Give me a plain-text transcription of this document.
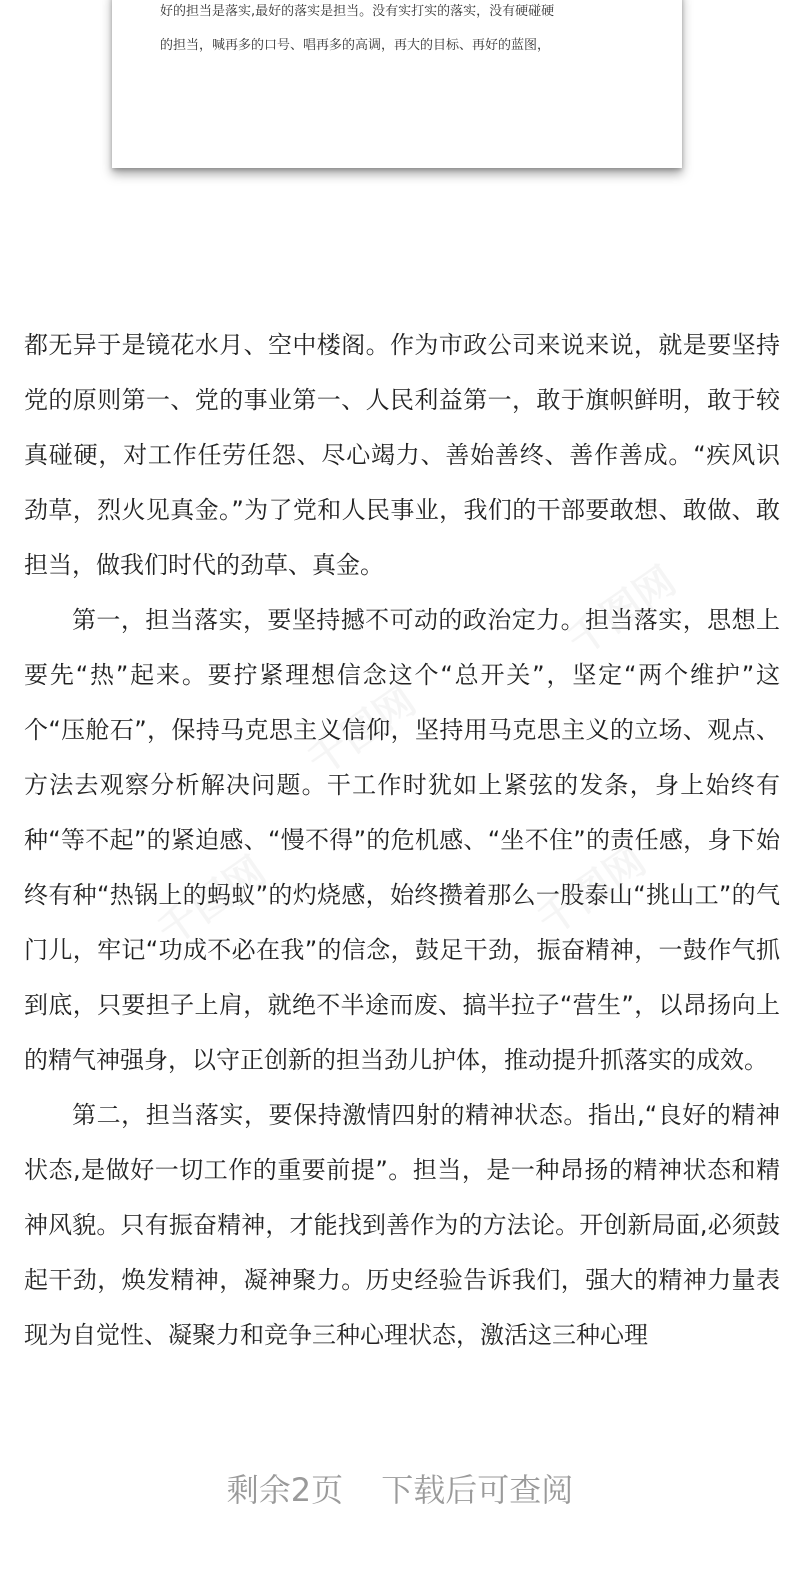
好的担当是落实,最好的落实是担当。没有实打实的落实，没有硬碰硬
的担当，喊再多的口号、唱再多的高调，再大的目标、再好的蓝图，

都无异于是镜花水月、空中楼阁。作为市政公司来说来说，就是要坚持党的原则第一、党的事业第一、人民利益第一，敢于旗帜鲜明，敢于较真碰硬，对工作任劳任怨、尽心竭力、善始善终、善作善成。“疾风识劲草，烈火见真金。”为了党和人民事业，我们的干部要敢想、敢做、敢担当，做我们时代的劲草、真金。

第一，担当落实，要坚持撼不可动的政治定力。担当落实，思想上要先“热”起来。要拧紧理想信念这个“总开关”，坚定“两个维护”这个“压舱石”，保持马克思主义信仰，坚持用马克思主义的立场、观点、方法去观察分析解决问题。干工作时犹如上紧弦的发条，身上始终有种“等不起”的紧迫感、“慢不得”的危机感、“坐不住”的责任感，身下始终有种“热锅上的蚂蚁”的灼烧感，始终攒着那么一股泰山“挑山工”的气门儿，牢记“功成不必在我”的信念，鼓足干劲，振奋精神，一鼓作气抓到底，只要担子上肩，就绝不半途而废、搞半拉子“营生”，以昂扬向上的精气神强身，以守正创新的担当劲儿护体，推动提升抓落实的成效。

第二，担当落实，要保持激情四射的精神状态。指出,“良好的精神状态,是做好一切工作的重要前提”。担当，是一种昂扬的精神状态和精神风貌。只有振奋精神，才能找到善作为的方法论。开创新局面,必须鼓起干劲，焕发精神，凝神聚力。历史经验告诉我们，强大的精神力量表现为自觉性、凝聚力和竞争三种心理状态，激活这三种心理

剩余2页 下载后可查阅
